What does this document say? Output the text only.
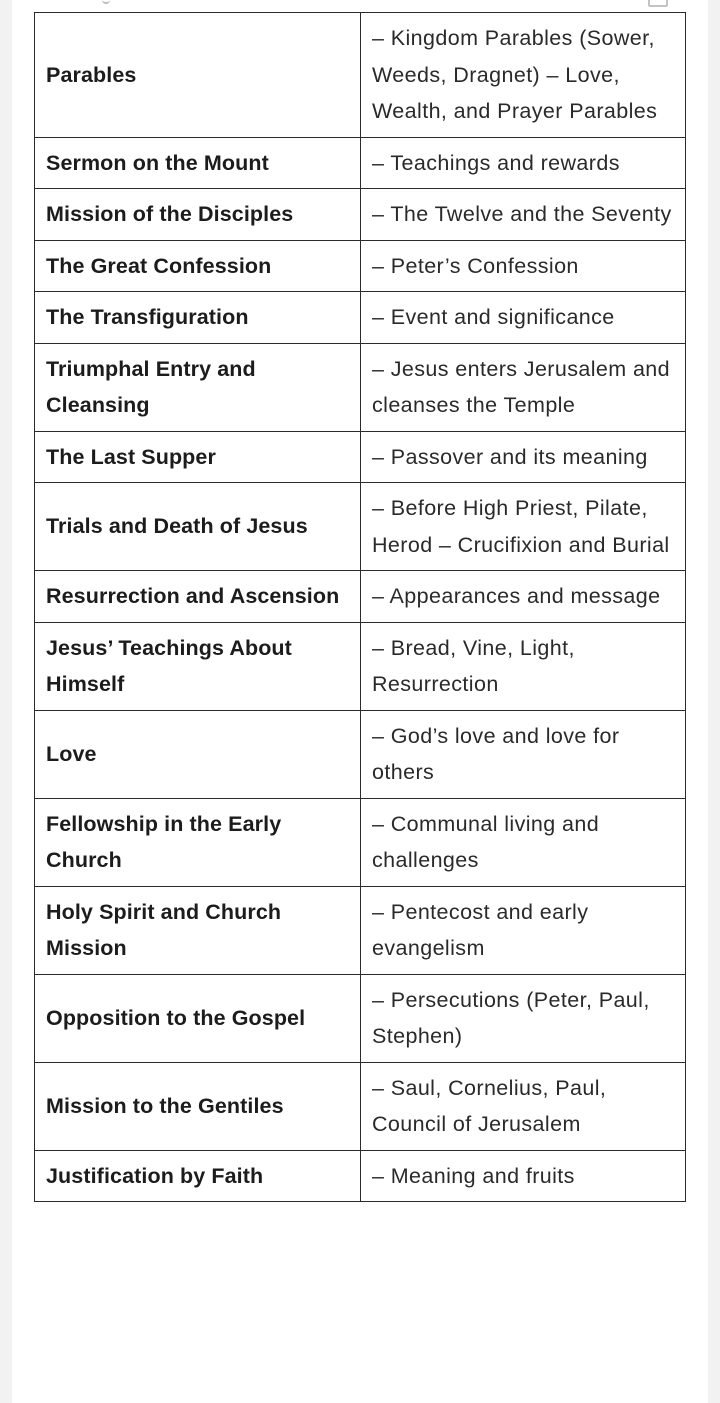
Parables	– Kingdom Parables (Sower, Weeds, Dragnet) – Love, Wealth, and Prayer Parables
Sermon on the Mount	– Teachings and rewards
Mission of the Disciples	– The Twelve and the Seventy
The Great Confession	– Peter’s Confession
The Transfiguration	– Event and significance
Triumphal Entry and Cleansing	– Jesus enters Jerusalem and cleanses the Temple
The Last Supper	– Passover and its meaning
Trials and Death of Jesus	– Before High Priest, Pilate, Herod – Crucifixion and Burial
Resurrection and Ascension	– Appearances and message
Jesus’ Teachings About Himself	– Bread, Vine, Light, Resurrection
Love	– God’s love and love for others
Fellowship in the Early Church	– Communal living and challenges
Holy Spirit and Church Mission	– Pentecost and early evangelism
Opposition to the Gospel	– Persecutions (Peter, Paul, Stephen)
Mission to the Gentiles	– Saul, Cornelius, Paul, Council of Jerusalem
Justification by Faith	– Meaning and fruits
